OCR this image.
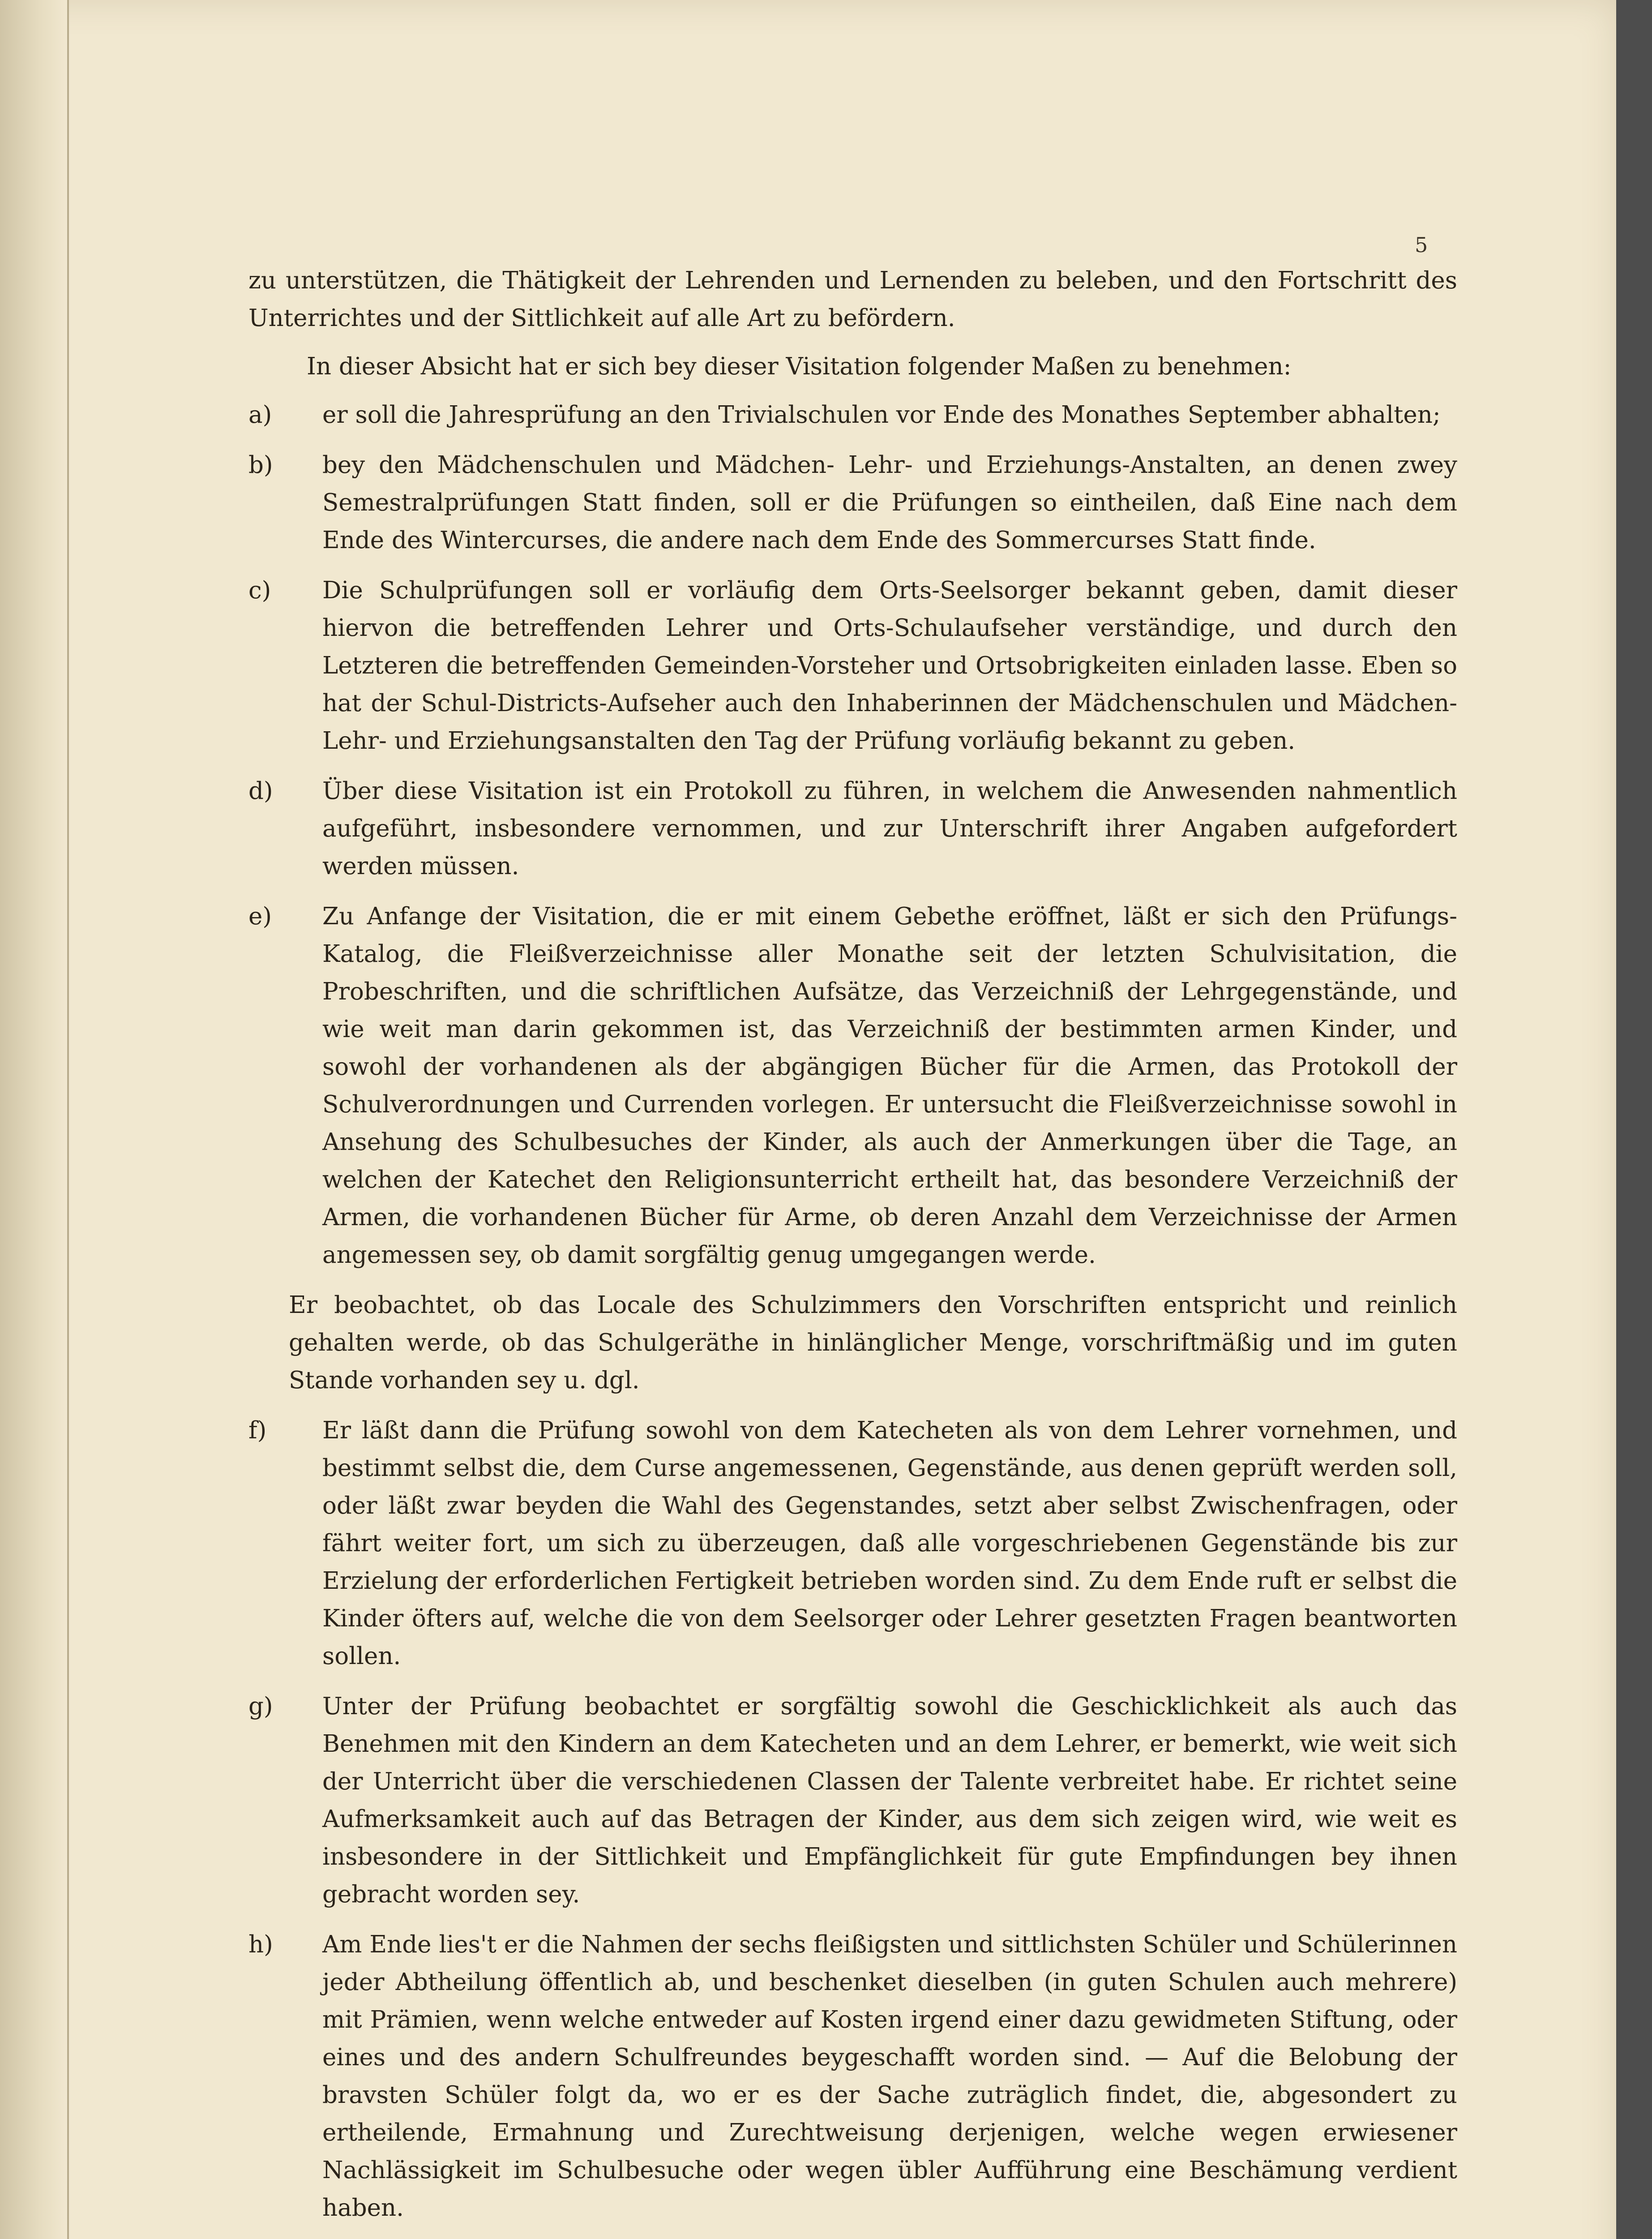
5

zu unterstützen, die Thätigkeit der Lehrenden und Lernenden zu beleben, und den Fortschritt des Unterrichtes und der Sittlichkeit auf alle Art zu befördern.

In dieser Absicht hat er sich bey dieser Visitation folgender Maßen zu benehmen:

a)	er soll die Jahresprüfung an den Trivialschulen vor Ende des Monathes September abhalten;
b)	bey den Mädchenschulen und Mädchen- Lehr- und Erziehungs-Anstalten, an denen zwey Semestralprüfungen Statt finden, soll er die Prüfungen so eintheilen, daß Eine nach dem Ende des Wintercurses, die andere nach dem Ende des Sommercurses Statt finde.
c)	Die Schulprüfungen soll er vorläufig dem Orts-Seelsorger bekannt geben, damit dieser hiervon die betreffenden Lehrer und Orts-Schulaufseher verständige, und durch den Letzteren die betreffenden Gemeinden-Vorsteher und Ortsobrigkeiten einladen lasse. Eben so hat der Schul-Districts-Aufseher auch den Inhaberinnen der Mädchenschulen und Mädchen-Lehr- und Erziehungsanstalten den Tag der Prüfung vorläufig bekannt zu geben.
d)	Über diese Visitation ist ein Protokoll zu führen, in welchem die Anwesenden nahmentlich aufgeführt, insbesondere vernommen, und zur Unterschrift ihrer Angaben aufgefordert werden müssen.
e)	Zu Anfange der Visitation, die er mit einem Gebethe eröffnet, läßt er sich den Prüfungs-Katalog, die Fleißverzeichnisse aller Monathe seit der letzten Schulvisitation, die Probeschriften, und die schriftlichen Aufsätze, das Verzeichniß der Lehrgegenstände, und wie weit man darin gekommen ist, das Verzeichniß der bestimmten armen Kinder, und sowohl der vorhandenen als der abgängigen Bücher für die Armen, das Protokoll der Schulverordnungen und Currenden vorlegen. Er untersucht die Fleißverzeichnisse sowohl in Ansehung des Schulbesuches der Kinder, als auch der Anmerkungen über die Tage, an welchen der Katechet den Religionsunterricht ertheilt hat, das besondere Verzeichniß der Armen, die vorhandenen Bücher für Arme, ob deren Anzahl dem Verzeichnisse der Armen angemessen sey, ob damit sorgfältig genug umgegangen werde.

Er beobachtet, ob das Locale des Schulzimmers den Vorschriften entspricht und reinlich gehalten werde, ob das Schulgeräthe in hinlänglicher Menge, vorschriftmäßig und im guten Stande vorhanden sey u. dgl.

f)	Er läßt dann die Prüfung sowohl von dem Katecheten als von dem Lehrer vornehmen, und bestimmt selbst die, dem Curse angemessenen, Gegenstände, aus denen geprüft werden soll, oder läßt zwar beyden die Wahl des Gegenstandes, setzt aber selbst Zwischenfragen, oder fährt weiter fort, um sich zu überzeugen, daß alle vorgeschriebenen Gegenstände bis zur Erzielung der erforderlichen Fertigkeit betrieben worden sind. Zu dem Ende ruft er selbst die Kinder öfters auf, welche die von dem Seelsorger oder Lehrer gesetzten Fragen beantworten sollen.
g)	Unter der Prüfung beobachtet er sorgfältig sowohl die Geschicklichkeit als auch das Benehmen mit den Kindern an dem Katecheten und an dem Lehrer, er bemerkt, wie weit sich der Unterricht über die verschiedenen Classen der Talente verbreitet habe. Er richtet seine Aufmerksamkeit auch auf das Betragen der Kinder, aus dem sich zeigen wird, wie weit es insbesondere in der Sittlichkeit und Empfänglichkeit für gute Empfindungen bey ihnen gebracht worden sey.
h)	Am Ende lies't er die Nahmen der sechs fleißigsten und sittlichsten Schüler und Schülerinnen jeder Abtheilung öffentlich ab, und beschenket dieselben (in guten Schulen auch mehrere) mit Prämien, wenn welche entweder auf Kosten irgend einer dazu gewidmeten Stiftung, oder eines und des andern Schulfreundes beygeschafft worden sind. — Auf die Belobung der bravsten Schüler folgt da, wo er es der Sache zuträglich findet, die, abgesondert zu ertheilende, Ermahnung und Zurechtweisung derjenigen, welche wegen erwiesener Nachlässigkeit im Schulbesuche oder wegen übler Aufführung eine Beschämung verdient haben.
